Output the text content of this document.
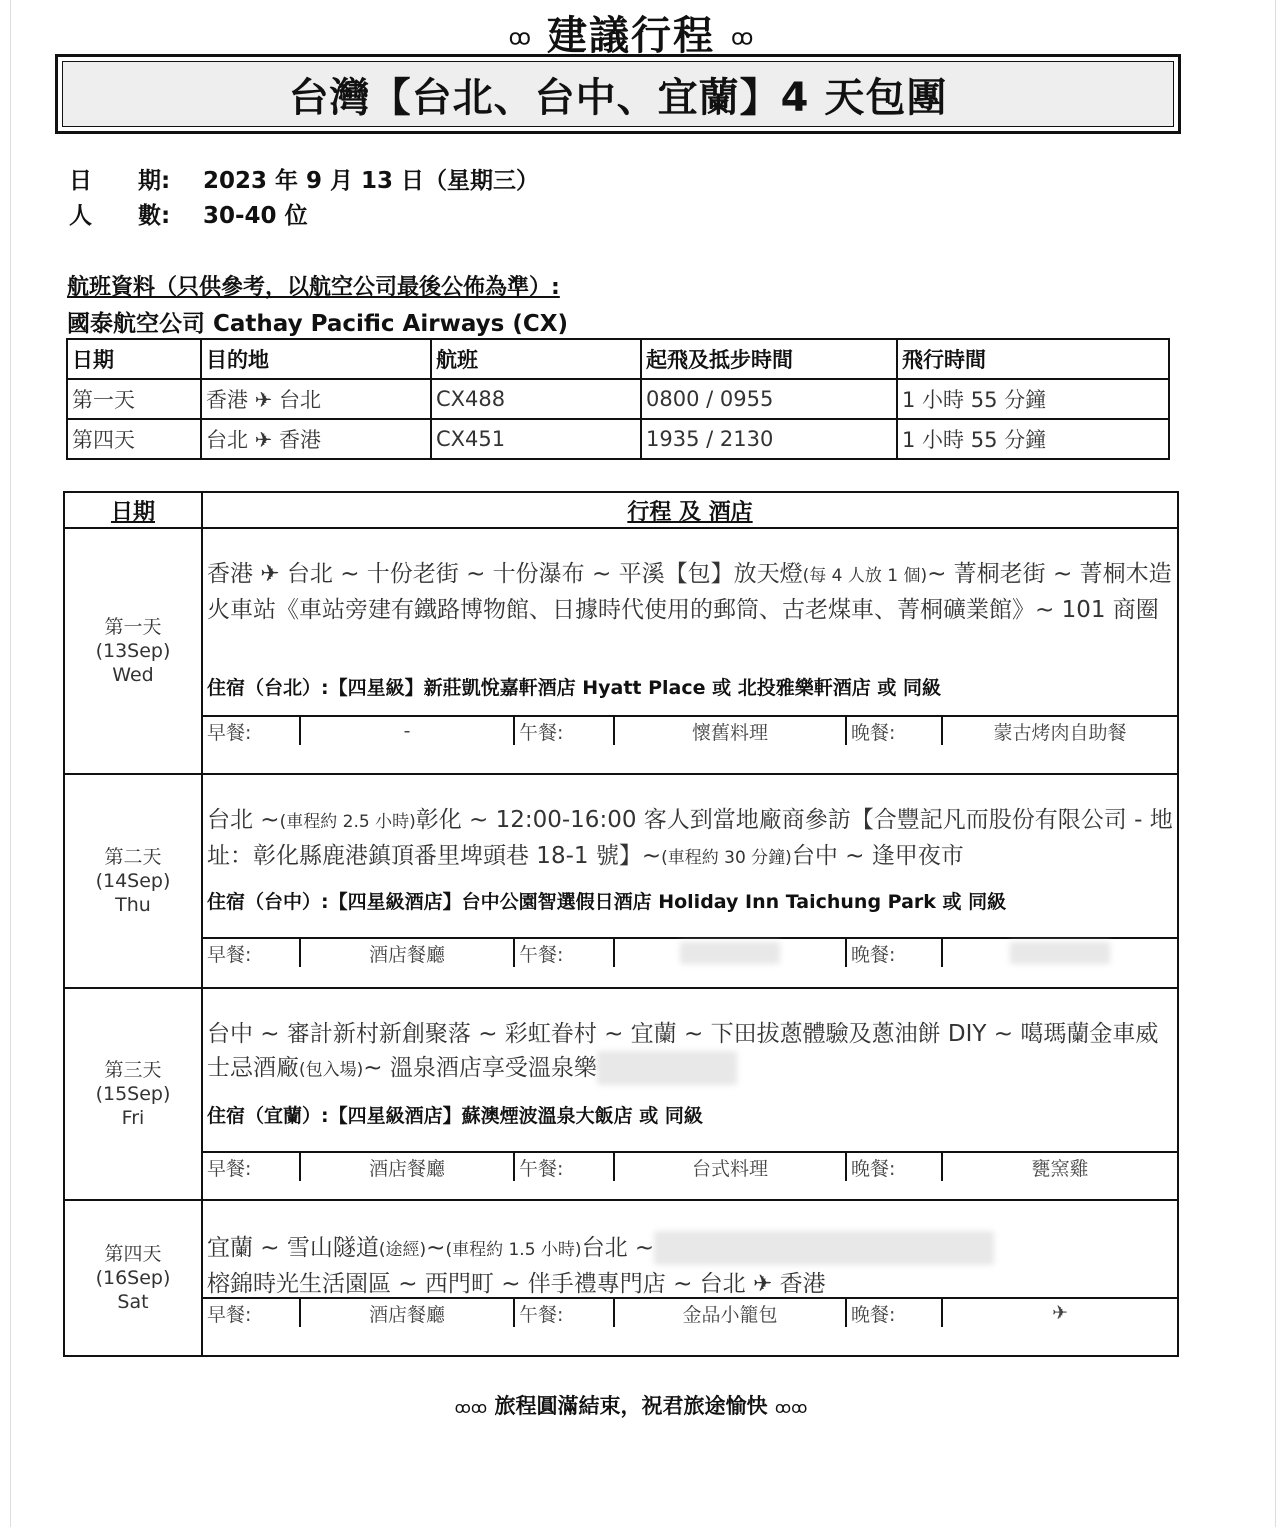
ꝏ 建議行程 ꝏ
台灣【台北、台中、宜蘭】4 天包團
日　　期: 2023 年 9 月 13 日（星期三）
人　　數: 30-40 位
航班資料（只供參考，以航空公司最後公佈為準）:
國泰航空公司 Cathay Pacific Airways (CX)
日期	目的地	航班	起飛及抵步時間	飛行時間
第一天	香港 ✈ 台北	CX488	0800 / 0955	1 小時 55 分鐘
第四天	台北 ✈ 香港	CX451	1935 / 2130	1 小時 55 分鐘
日期	行程 及 酒店

第一天
(13Sep)
Wed

香港 ✈ 台北 ~ 十份老街 ~ 十份瀑布 ~ 平溪【包】放天燈(每 4 人放 1 個)~ 菁桐老街 ~ 菁桐木造火車站《車站旁建有鐵路博物館、日據時代使用的郵筒、古老煤車、菁桐礦業館》~ 101 商圈
住宿（台北）:【四星級】新莊凱悅嘉軒酒店 Hyatt Place 或 北投雅樂軒酒店 或 同級
早餐:	-	午餐:	懷舊料理	晚餐:	蒙古烤肉自助餐

第二天
(14Sep)
Thu

台北 ~(車程約 2.5 小時)彰化 ~ 12:00-16:00 客人到當地廠商參訪【合豐記凡而股份有限公司 - 地址：彰化縣鹿港鎮頂番里埤頭巷 18-1 號】~(車程約 30 分鐘)台中 ~ 逢甲夜市
住宿（台中）:【四星級酒店】台中公園智選假日酒店 Holiday Inn Taichung Park 或 同級
早餐:	酒店餐廳	午餐:		晚餐:	

第三天
(15Sep)
Fri

台中 ~ 審計新村新創聚落 ~ 彩虹眷村 ~ 宜蘭 ~ 下田拔蔥體驗及蔥油餅 DIY ~ 噶瑪蘭金車威士忌酒廠(包入場)~ 溫泉酒店享受溫泉樂
住宿（宜蘭）:【四星級酒店】蘇澳煙波溫泉大飯店 或 同級
早餐:	酒店餐廳	午餐:	台式料理	晚餐:	甕窯雞

第四天
(16Sep)
Sat

宜蘭 ~ 雪山隧道(途經)~(車程約 1.5 小時)台北 ~
榕錦時光生活園區 ~ 西門町 ~ 伴手禮專門店 ~ 台北 ✈ 香港
早餐:	酒店餐廳	午餐:	金品小籠包	晚餐:	✈
ꝏꝏ 旅程圓滿結束，祝君旅途愉快 ꝏꝏ
